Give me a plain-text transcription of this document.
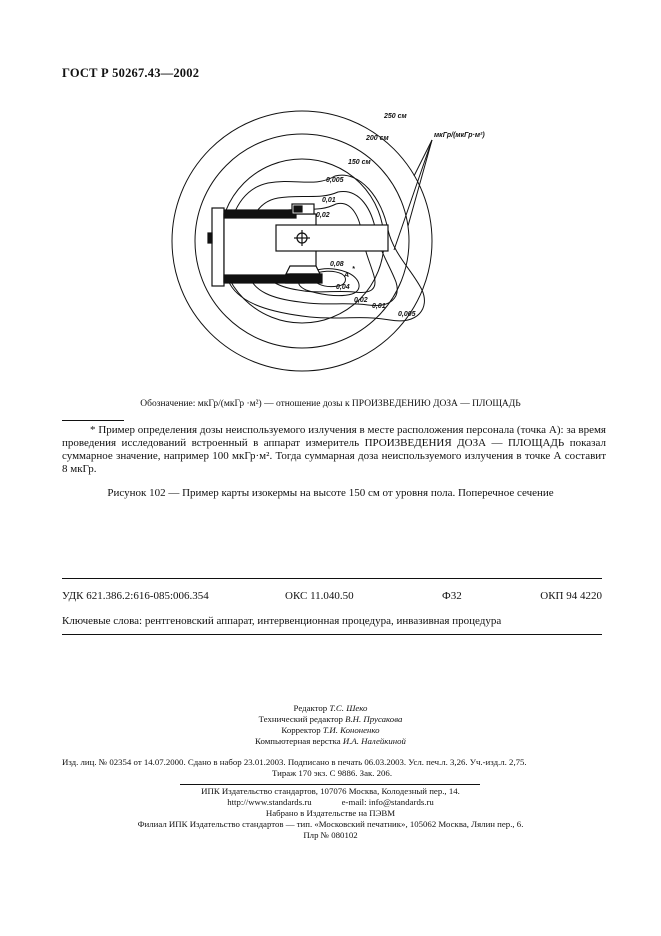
ГОСТ Р 50267.43—2002
250 см
200 см
150 см
мкГр/(мкГр·м²)
0,005
0,01
0,02
0,08
A
*
0,04
0,02
0,01
0,005
Обозначение: мкГр/(мкГр ·м²) — отношение дозы к ПРОИЗВЕДЕНИЮ ДОЗА — ПЛОЩАДЬ
* Пример определения дозы неиспользуемого излучения в месте расположения персонала (точка А): за время проведения исследований встроенный в аппарат измеритель ПРОИЗВЕДЕНИЯ ДОЗА — ПЛОЩАДЬ показал суммарное значение, например 100 мкГр·м². Тогда суммарная доза неиспользуемого излучения в точке А составит 8 мкГр.
Рисунок 102 — Пример карты изокермы на высоте 150 см от уровня пола. Поперечное сечение
УДК 621.386.2:616-085:006.354	ОКС 11.040.50	Ф32	ОКП 94 4220
Ключевые слова: рентгеновский аппарат, интервенционная процедура, инвазивная процедура
Редактор Т.С. Шеко
Технический редактор В.Н. Прусакова
Корректор Т.И. Кононенко
Компьютерная верстка И.А. Налейкиной
Изд. лиц. № 02354 от 14.07.2000. Сдано в набор 23.01.2003. Подписано в печать 06.03.2003. Усл. печ.л. 3,26. Уч.-изд.л. 2,75.
Тираж 170 экз. С 9886. Зак. 206.
ИПК Издательство стандартов, 107076 Москва, Колодезный пер., 14.
http://www.standards.ru	e-mail: info@standards.ru
Набрано в Издательстве на ПЭВМ
Филиал ИПК Издательство стандартов — тип. «Московский печатник», 105062 Москва, Лялин пер., 6.
Плр № 080102
